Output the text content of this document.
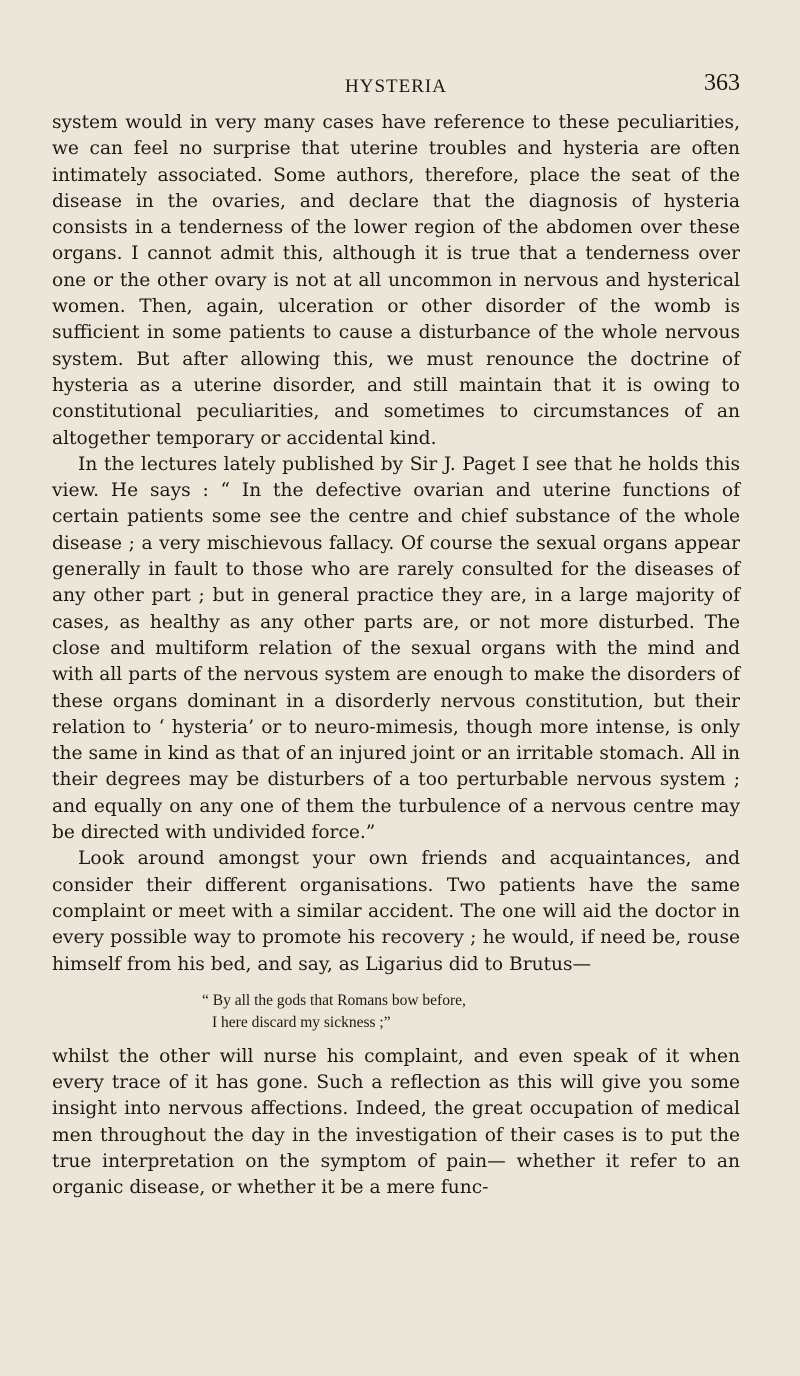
HYSTERIA	363

system would in very many cases have reference to these peculiarities, we can feel no surprise that uterine troubles and hysteria are often intimately associated. Some authors, therefore, place the seat of the disease in the ovaries, and declare that the diagnosis of hysteria consists in a tenderness of the lower region of the abdomen over these organs. I cannot admit this, although it is true that a tenderness over one or the other ovary is not at all uncommon in nervous and hysterical women. Then, again, ulceration or other disorder of the womb is sufficient in some patients to cause a disturbance of the whole nervous system. But after allowing this, we must renounce the doctrine of hysteria as a uterine disorder, and still maintain that it is owing to constitutional peculiarities, and sometimes to circumstances of an altogether temporary or accidental kind.

In the lectures lately published by Sir J. Paget I see that he holds this view. He says : “ In the defective ovarian and uterine functions of certain patients some see the centre and chief substance of the whole disease ; a very mischievous fallacy. Of course the sexual organs appear generally in fault to those who are rarely consulted for the diseases of any other part ; but in general practice they are, in a large majority of cases, as healthy as any other parts are, or not more disturbed. The close and multiform relation of the sexual organs with the mind and with all parts of the nervous system are enough to make the disorders of these organs dominant in a disorderly nervous constitution, but their relation to ‘ hysteria’ or to neuro-mimesis, though more intense, is only the same in kind as that of an injured joint or an irritable stomach. All in their degrees may be disturbers of a too perturbable nervous system ; and equally on any one of them the turbulence of a nervous centre may be directed with undivided force.”

Look around amongst your own friends and acquaintances, and consider their different organisations. Two patients have the same complaint or meet with a similar accident. The one will aid the doctor in every possible way to promote his recovery ; he would, if need be, rouse himself from his bed, and say, as Ligarius did to Brutus—

“ By all the gods that Romans bow before,
I here discard my sickness ;”

whilst the other will nurse his complaint, and even speak of it when every trace of it has gone. Such a reflection as this will give you some insight into nervous affections. Indeed, the great occupation of medical men throughout the day in the investigation of their cases is to put the true interpretation on the symptom of pain— whether it refer to an organic disease, or whether it be a mere func-
